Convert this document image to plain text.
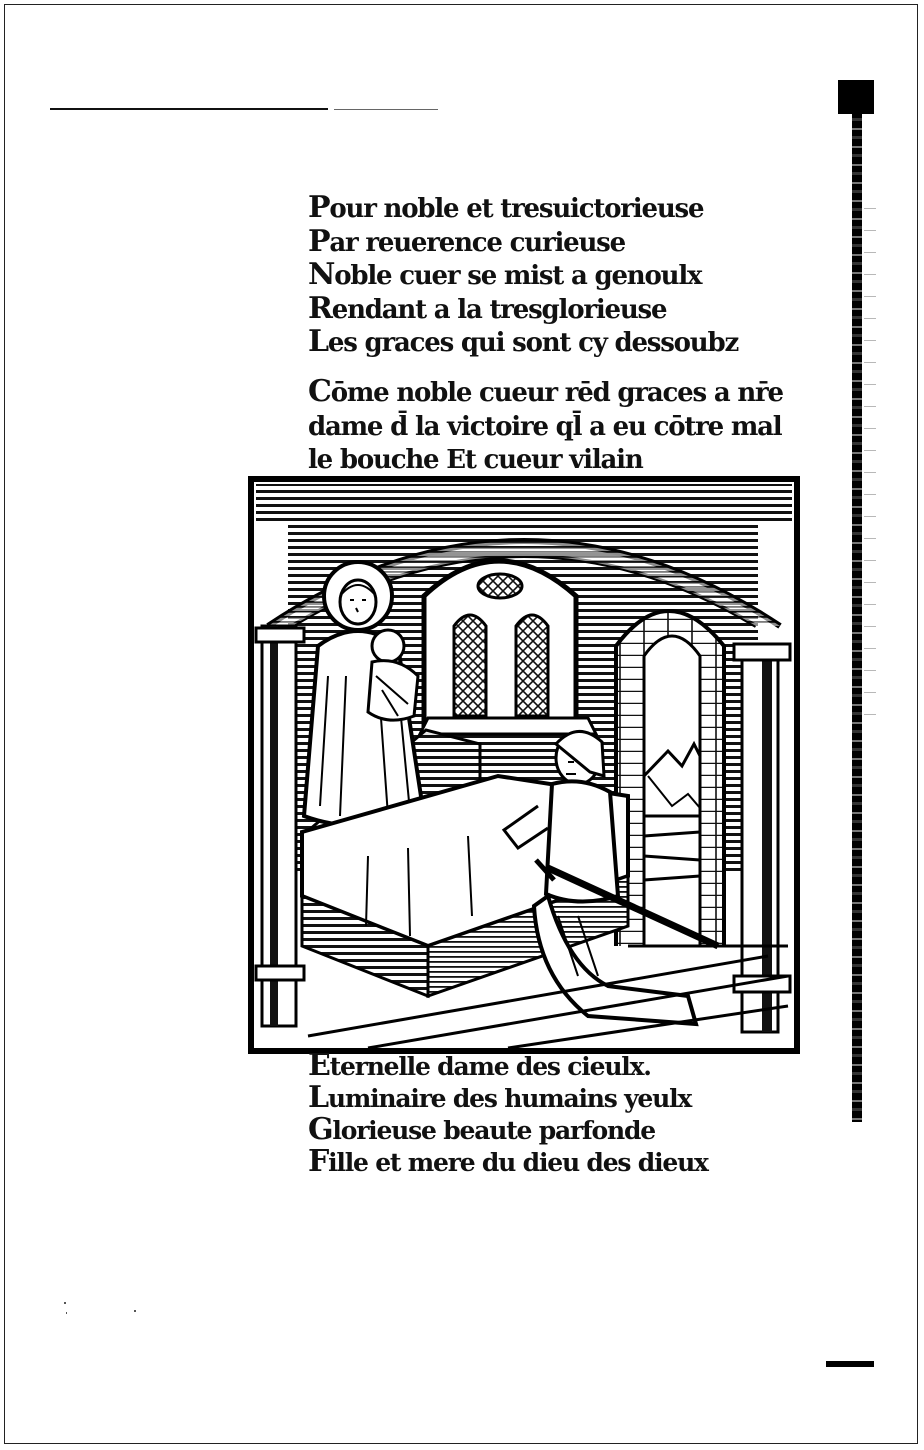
Pour noble et tresuictorieuse
Par reuerence curieuse
Noble cuer se mist a genoulx
Rendant a la tresglorieuse
Les graces qui sont cy dessoubz
Cōme noble cueur rēd graces a nr̄e
dame d̄ la victoire ql̄ a eu cōtre mal
le bouche Et cueur vilain
Eternelle dame des cieulx.
Luminaire des humains yeulx
Glorieuse beaute parfonde
Fille et mere du dieu des dieux
